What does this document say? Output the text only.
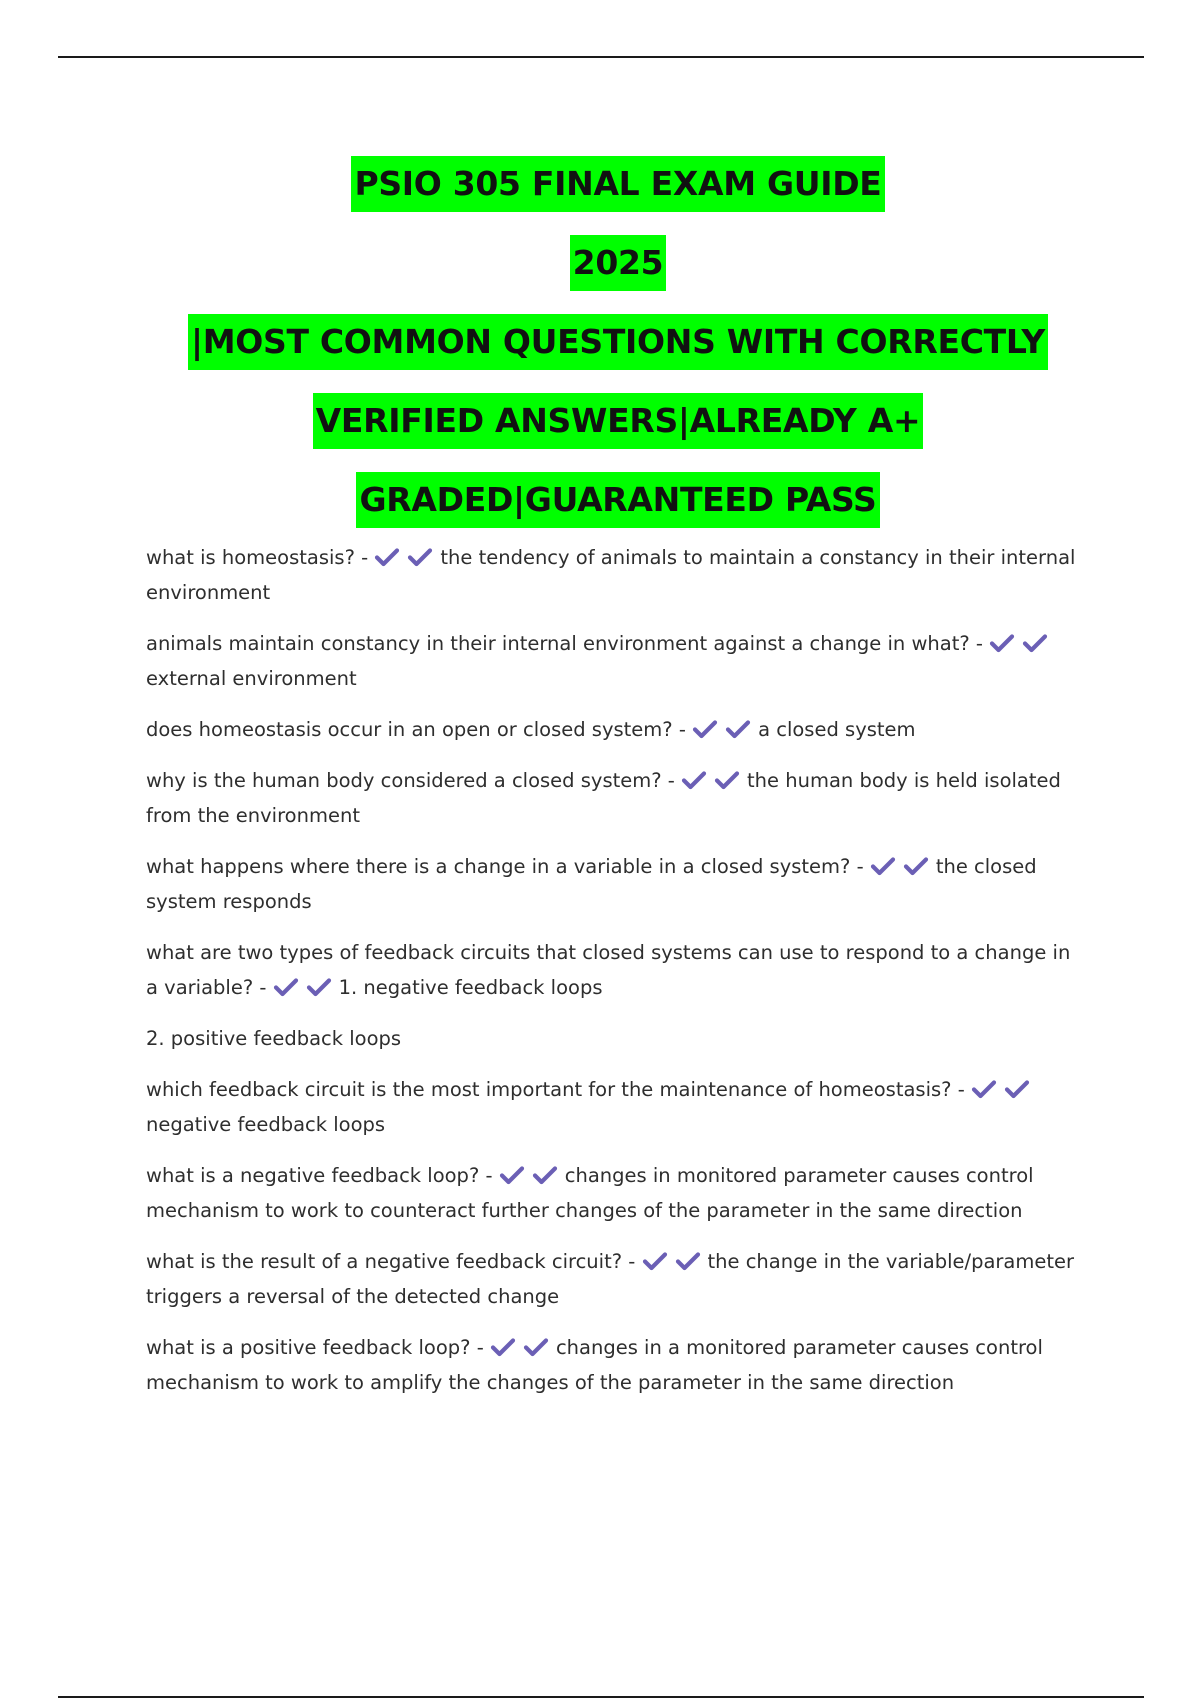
PSIO 305 FINAL EXAM GUIDE
2025
|MOST COMMON QUESTIONS WITH CORRECTLY
VERIFIED ANSWERS|ALREADY A+
GRADED|GUARANTEED PASS

what is homeostasis? -	the tendency of animals to maintain a constancy in their internal environment

animals maintain constancy in their internal environment against a change in what? -
external environment

does homeostasis occur in an open or closed system? -	a closed system

why is the human body considered a closed system? -	the human body is held isolated from the environment

what happens where there is a change in a variable in a closed system? -	the closed system responds

what are two types of feedback circuits that closed systems can use to respond to a change in a variable? -	1. negative feedback loops

2. positive feedback loops

which feedback circuit is the most important for the maintenance of homeostasis? -
negative feedback loops

what is a negative feedback loop? -	changes in monitored parameter causes control mechanism to work to counteract further changes of the parameter in the same direction

what is the result of a negative feedback circuit? -	the change in the variable/parameter triggers a reversal of the detected change

what is a positive feedback loop? -	changes in a monitored parameter causes control mechanism to work to amplify the changes of the parameter in the same direction
